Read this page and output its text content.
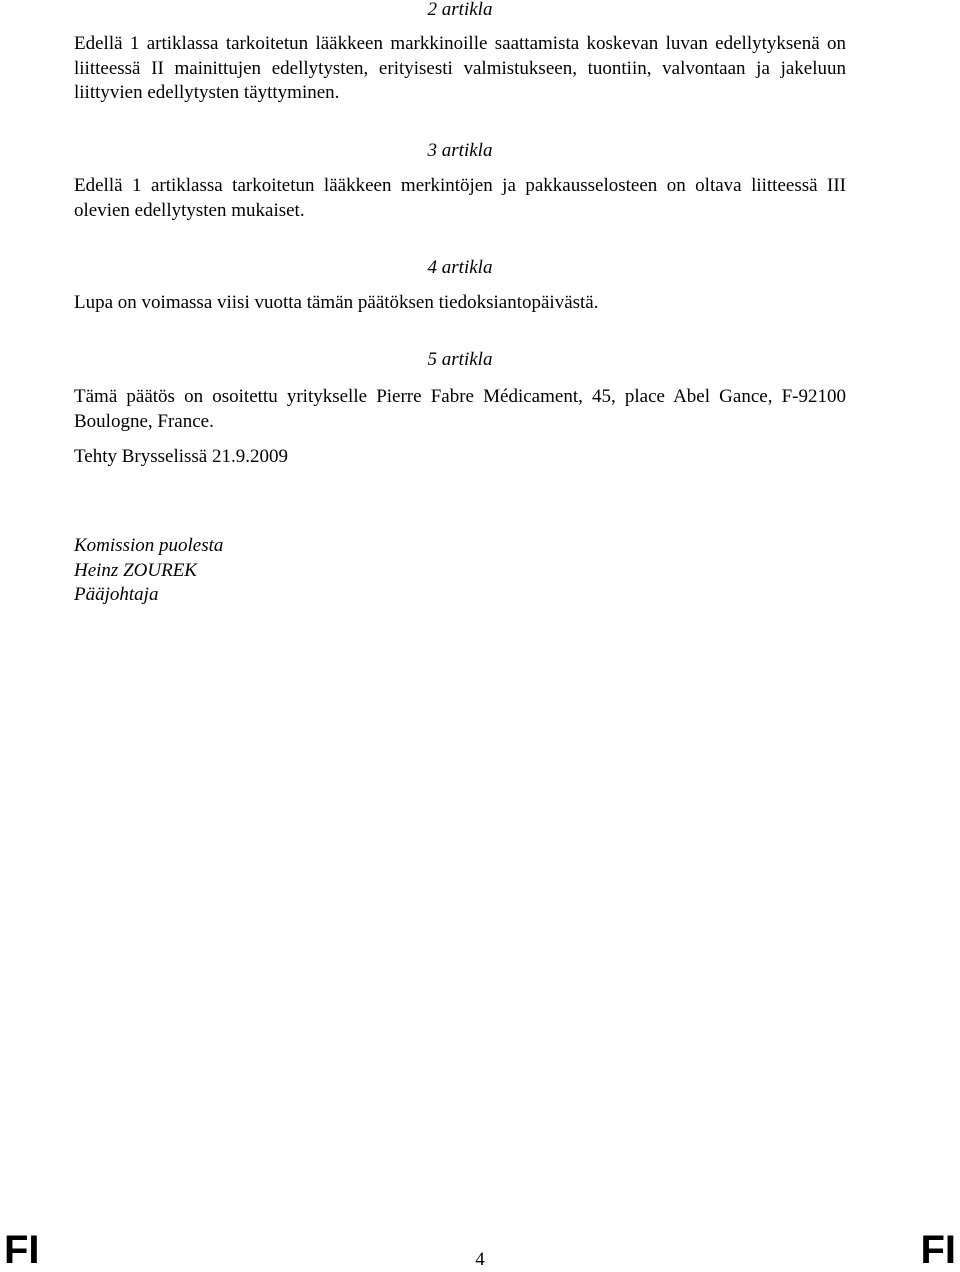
2 artikla

Edellä 1 artiklassa tarkoitetun lääkkeen markkinoille saattamista koskevan luvan edellytyksenä on liitteessä II mainittujen edellytysten, erityisesti valmistukseen, tuontiin, valvontaan ja jakeluun liittyvien edellytysten täyttyminen.

3 artikla

Edellä 1 artiklassa tarkoitetun lääkkeen merkintöjen ja pakkausselosteen on oltava liitteessä III olevien edellytysten mukaiset.

4 artikla

Lupa on voimassa viisi vuotta tämän päätöksen tiedoksiantopäivästä.

5 artikla

Tämä päätös on osoitettu yritykselle Pierre Fabre Médicament, 45, place Abel Gance, F-92100 Boulogne, France.

Tehty Brysselissä 21.9.2009

Komission puolesta
Heinz ZOUREK
Pääjohtaja
FI	4	FI
